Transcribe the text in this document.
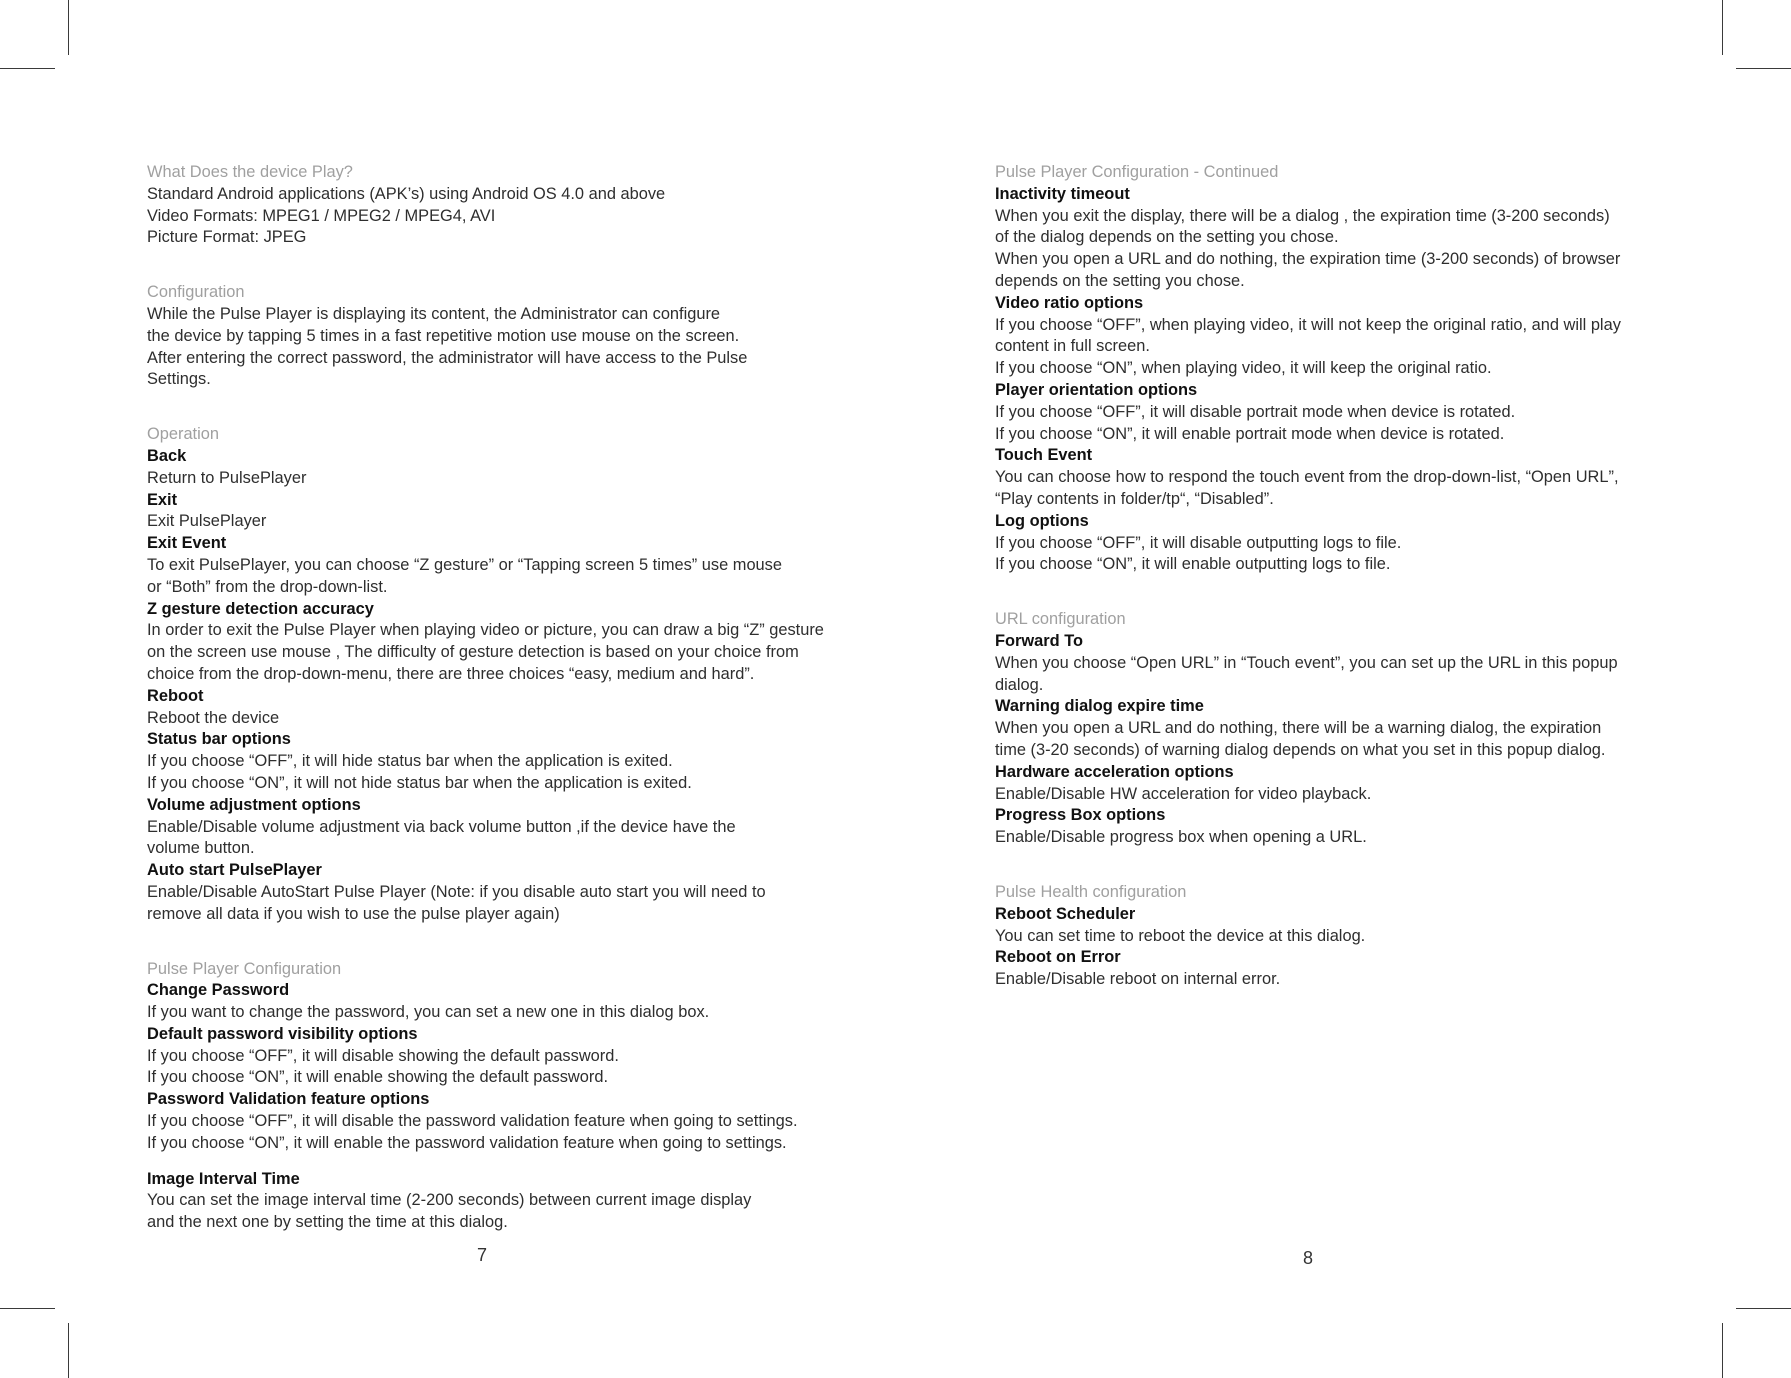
What Does the device Play?

Standard Android applications (APK’s) using Android OS 4.0 and above

Video Formats: MPEG1 / MPEG2 / MPEG4, AVI

Picture Format: JPEG

Configuration

While the Pulse Player is displaying its content, the Administrator can configure

the device by tapping 5 times in a fast repetitive motion use mouse on the screen.

After entering the correct password, the administrator will have access to the Pulse

Settings.

Operation

Back

Return to PulsePlayer

Exit

Exit PulsePlayer

Exit Event

To exit PulsePlayer, you can choose “Z gesture” or “Tapping screen 5 times” use mouse

or “Both” from the drop-down-list.

Z gesture detection accuracy

In order to exit the Pulse Player when playing video or picture, you can draw a big “Z” gesture

on the screen use mouse , The difficulty of gesture detection is based on your choice from

choice from the drop-down-menu, there are three choices “easy, medium and hard”.

Reboot

Reboot the device

Status bar options

If you choose “OFF”, it will hide status bar when the application is exited.

If you choose “ON”, it will not hide status bar when the application is exited.

Volume adjustment options

Enable/Disable volume adjustment via back volume button ,if the device have the

volume button.

Auto start PulsePlayer

Enable/Disable AutoStart Pulse Player (Note: if you disable auto start you will need to

remove all data if you wish to use the pulse player again)

Pulse Player Configuration

Change Password

If you want to change the password, you can set a new one in this dialog box.

Default password visibility options

If you choose “OFF”, it will disable showing the default password.

If you choose “ON”, it will enable showing the default password.

Password Validation feature options

If you choose “OFF”, it will disable the password validation feature when going to settings.

If you choose “ON”, it will enable the password validation feature when going to settings.

Image Interval Time

You can set the image interval time (2-200 seconds) between current image display

and the next one by setting the time at this dialog.

Pulse Player Configuration - Continued

Inactivity timeout

When you exit the display, there will be a dialog , the expiration time (3-200 seconds)

of the dialog depends on the setting you chose.

When you open a URL and do nothing, the expiration time (3-200 seconds) of browser

depends on the setting you chose.

Video ratio options

If you choose “OFF”, when playing video, it will not keep the original ratio, and will play

content in full screen.

If you choose “ON”, when playing video, it will keep the original ratio.

Player orientation options

If you choose “OFF”, it will disable portrait mode when device is rotated.

If you choose “ON”, it will enable portrait mode when device is rotated.

Touch Event

You can choose how to respond the touch event from the drop-down-list, “Open URL”,

“Play contents in folder/tp“, “Disabled”.

Log options

If you choose “OFF”, it will disable outputting logs to file.

If you choose “ON”, it will enable outputting logs to file.

URL configuration

Forward To

When you choose “Open URL” in “Touch event”, you can set up the URL in this popup

dialog.

Warning dialog expire time

When you open a URL and do nothing, there will be a warning dialog, the expiration

time (3-20 seconds) of warning dialog depends on what you set in this popup dialog.

Hardware acceleration options

Enable/Disable HW acceleration for video playback.

Progress Box options

Enable/Disable progress box when opening a URL.

Pulse Health configuration

Reboot Scheduler

You can set time to reboot the device at this dialog.

Reboot on Error

Enable/Disable reboot on internal error.

7	8
